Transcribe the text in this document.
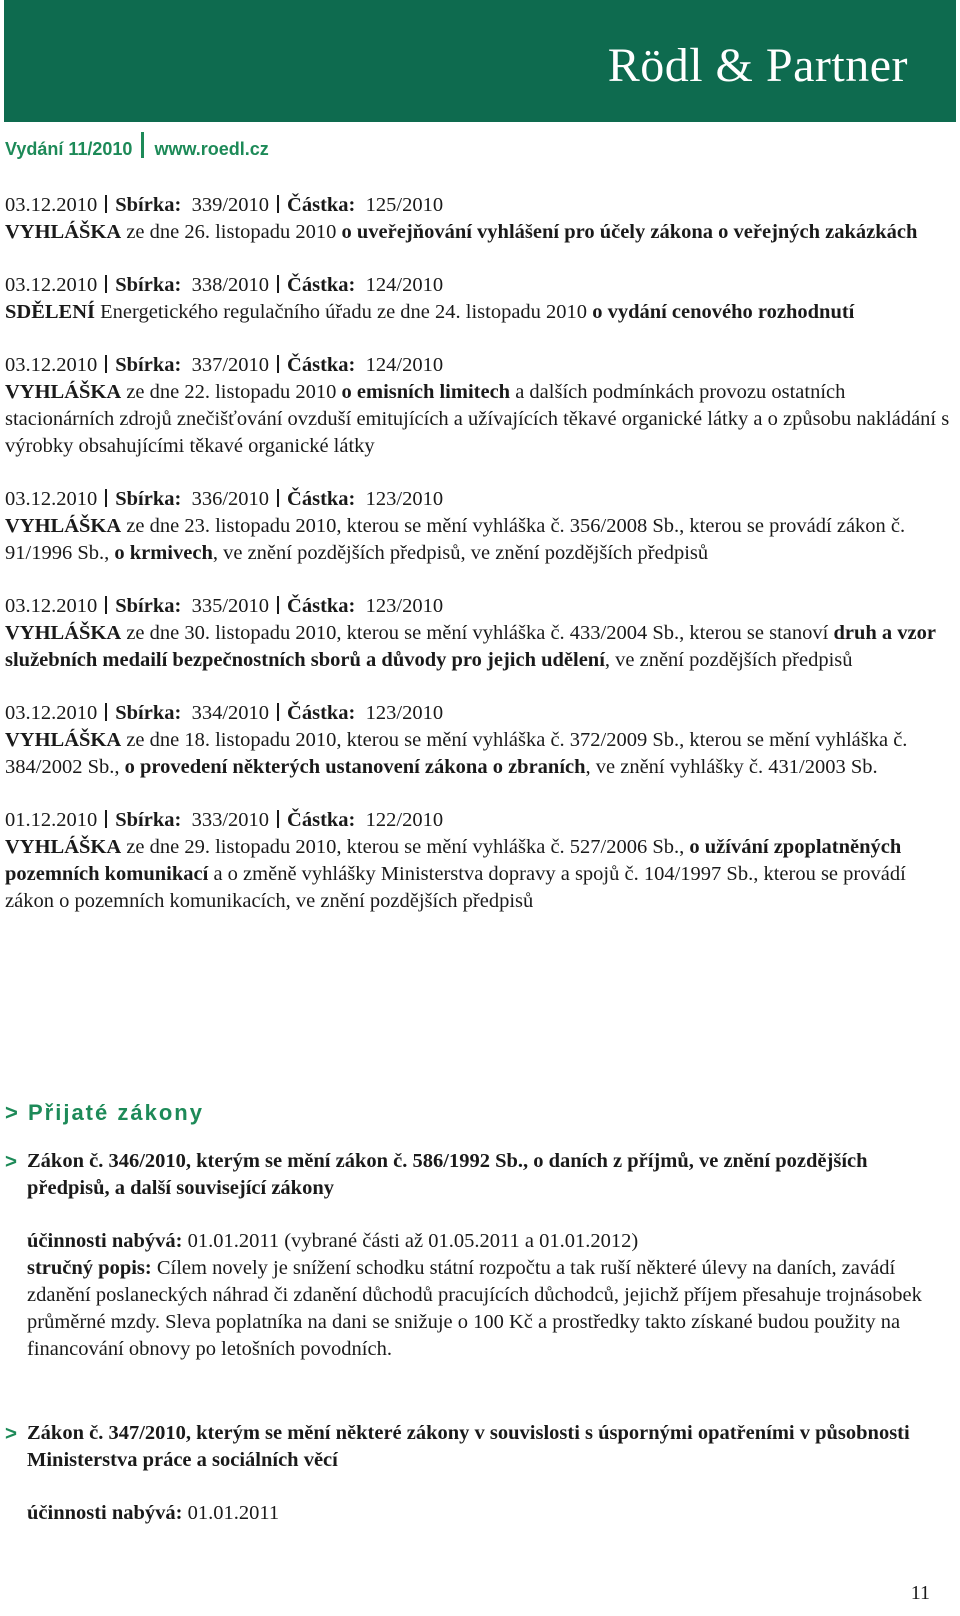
Rödl & Partner
Vydání 11/2010 www.roedl.cz
03.12.2010 Sbírka: 339/2010 Částka: 125/2010
VYHLÁŠKA ze dne 26. listopadu 2010 o uveřejňování vyhlášení pro účely zákona o veřejných zakázkách
03.12.2010 Sbírka: 338/2010 Částka: 124/2010
SDĚLENÍ Energetického regulačního úřadu ze dne 24. listopadu 2010 o vydání cenového rozhodnutí
03.12.2010 Sbírka: 337/2010 Částka: 124/2010
VYHLÁŠKA ze dne 22. listopadu 2010 o emisních limitech a dalších podmínkách provozu ostatních stacionárních zdrojů znečišťování ovzduší emitujících a užívajících těkavé organické látky a o způsobu nakládání s výrobky obsahujícími těkavé organické látky
03.12.2010 Sbírka: 336/2010 Částka: 123/2010
VYHLÁŠKA ze dne 23. listopadu 2010, kterou se mění vyhláška č. 356/2008 Sb., kterou se provádí zákon č. 91/1996 Sb., o krmivech, ve znění pozdějších předpisů, ve znění pozdějších předpisů
03.12.2010 Sbírka: 335/2010 Částka: 123/2010
VYHLÁŠKA ze dne 30. listopadu 2010, kterou se mění vyhláška č. 433/2004 Sb., kterou se stanoví druh a vzor služebních medailí bezpečnostních sborů a důvody pro jejich udělení, ve znění pozdějších předpisů
03.12.2010 Sbírka: 334/2010 Částka: 123/2010
VYHLÁŠKA ze dne 18. listopadu 2010, kterou se mění vyhláška č. 372/2009 Sb., kterou se mění vyhláška č. 384/2002 Sb., o provedení některých ustanovení zákona o zbraních, ve znění vyhlášky č. 431/2003 Sb.
01.12.2010 Sbírka: 333/2010 Částka: 122/2010
VYHLÁŠKA ze dne 29. listopadu 2010, kterou se mění vyhláška č. 527/2006 Sb., o užívání zpoplatněných pozemních komunikací a o změně vyhlášky Ministerstva dopravy a spojů č. 104/1997 Sb., kterou se provádí zákon o pozemních komunikacích, ve znění pozdějších předpisů
> Přijaté zákony
> Zákon č. 346/2010, kterým se mění zákon č. 586/1992 Sb., o daních z příjmů, ve znění pozdějších předpisů, a další související zákony
účinnosti nabývá: 01.01.2011 (vybrané části až 01.05.2011 a 01.01.2012)
stručný popis: Cílem novely je snížení schodku státní rozpočtu a tak ruší některé úlevy na daních, zavádí zdanění poslaneckých náhrad či zdanění důchodů pracujících důchodců, jejichž příjem přesahuje trojnásobek průměrné mzdy. Sleva poplatníka na dani se snižuje o 100 Kč a prostředky takto získané budou použity na financování obnovy po letošních povodních.
> Zákon č. 347/2010, kterým se mění některé zákony v souvislosti s úspornými opatřeními v působnosti Ministerstva práce a sociálních věcí
účinnosti nabývá: 01.01.2011
11
